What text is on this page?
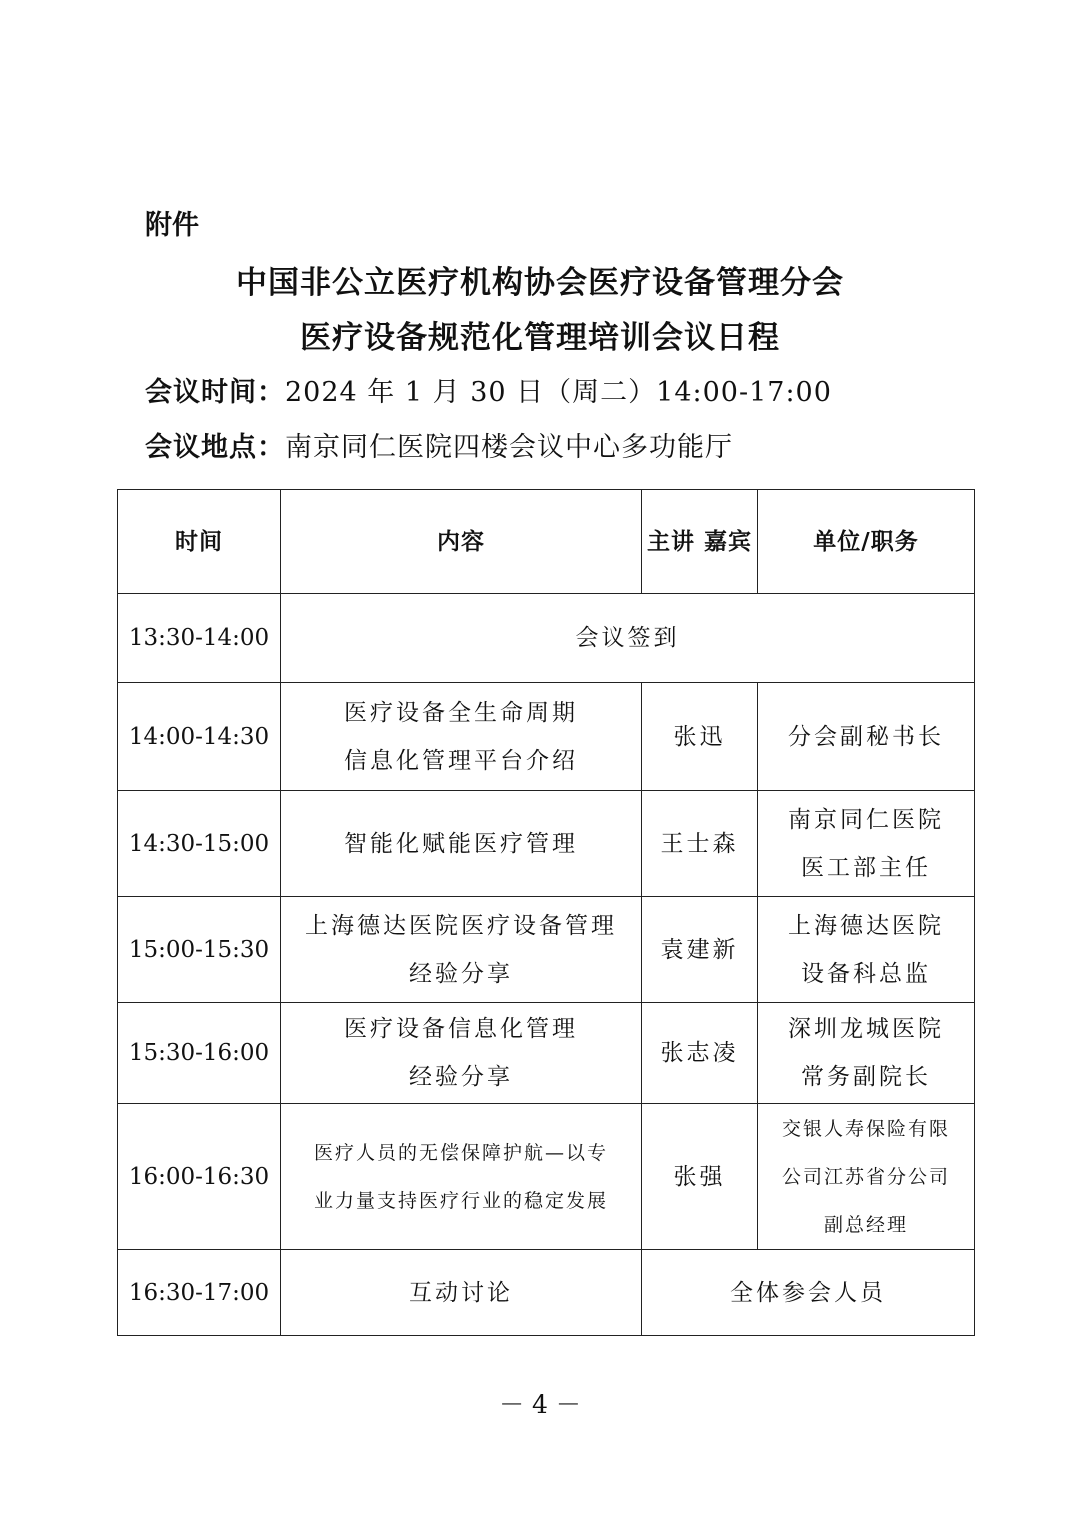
附件
中国非公立医疗机构协会医疗设备管理分会
医疗设备规范化管理培训会议日程
会议时间：2024 年 1 月 30 日（周二）14:00-17:00
会议地点：南京同仁医院四楼会议中心多功能厅
时间	内容	主讲 嘉宾	单位/职务
13:30-14:00	会议签到		
14:00-14:30	医疗设备全生命周期
信息化管理平台介绍	张迅	分会副秘书长
14:30-15:00	智能化赋能医疗管理	王士森	南京同仁医院
医工部主任

15:00-15:30	上海德达医院医疗设备管理
经验分享	袁建新	上海德达医院
设备科总监

15:30-16:00	医疗设备信息化管理
经验分享	张志凌	深圳龙城医院
常务副院长

16:00-16:30	医疗人员的无偿保障护航—以专
业力量支持医疗行业的稳定发展	张强	交银人寿保险有限
公司江苏省分公司
副总经理

16:30-17:00	互动讨论	全体参会人员	
－ 4 －
